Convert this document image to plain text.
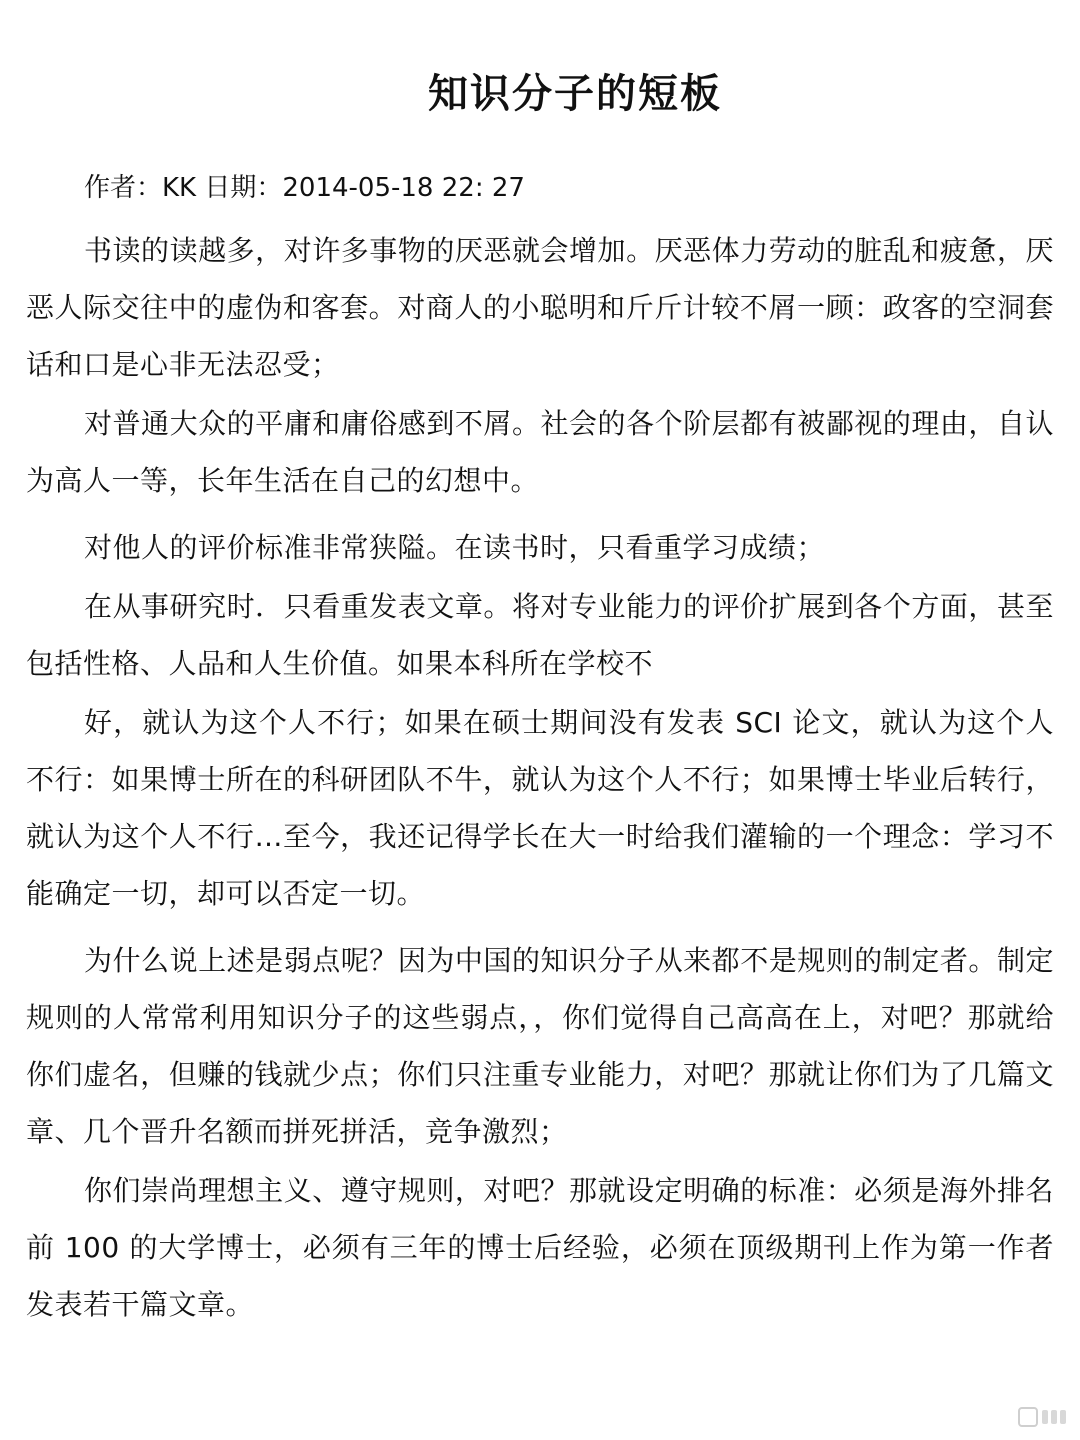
知识分子的短板
作者：KK 日期：2014-05-18 22: 27

书读的读越多，对许多事物的厌恶就会增加。厌恶体力劳动的脏乱和疲惫，厌恶人际交往中的虚伪和客套。对商人的小聪明和斤斤计较不屑一顾：政客的空洞套话和口是心非无法忍受；

对普通大众的平庸和庸俗感到不屑。社会的各个阶层都有被鄙视的理由，自认为高人一等，长年生活在自己的幻想中。

对他人的评价标准非常狭隘。在读书时，只看重学习成绩；

在从事研究时．只看重发表文章。将对专业能力的评价扩展到各个方面，甚至包括性格、人品和人生价值。如果本科所在学校不

好，就认为这个人不行；如果在硕士期间没有发表 SCI 论文，就认为这个人不行：如果博士所在的科研团队不牛，就认为这个人不行；如果博士毕业后转行，就认为这个人不行…至今，我还记得学长在大一时给我们灌输的一个理念：学习不能确定一切，却可以否定一切。

为什么说上述是弱点呢？因为中国的知识分子从来都不是规则的制定者。制定规则的人常常利用知识分子的这些弱点，，你们觉得自己高高在上，对吧？那就给你们虚名，但赚的钱就少点；你们只注重专业能力，对吧？那就让你们为了几篇文章、几个晋升名额而拼死拼活，竞争激烈；

你们崇尚理想主义、遵守规则，对吧？那就设定明确的标准：必须是海外排名前 100 的大学博士，必须有三年的博士后经验，必须在顶级期刊上作为第一作者发表若干篇文章。
